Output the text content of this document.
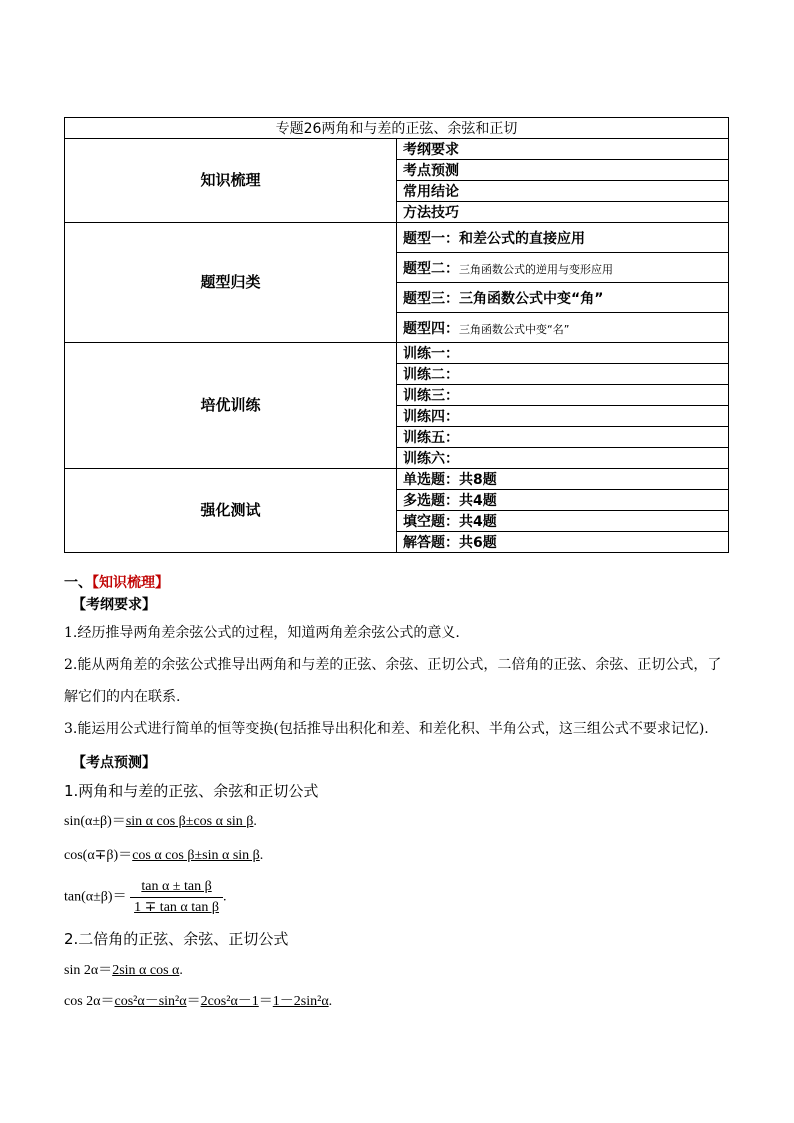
专题26两角和与差的正弦、余弦和正切	
知识梳理	考纲要求
	考点预测
	常用结论
	方法技巧
题型归类	题型一：和差公式的直接应用
	题型二：三角函数公式的逆用与变形应用
	题型三：三角函数公式中变“角”
	题型四：三角函数公式中变“名”
培优训练	训练一：
	训练二：
	训练三：
	训练四：
	训练五：
	训练六：
强化测试	单选题：共8题
	多选题：共4题
	填空题：共4题
	解答题：共6题
一、【知识梳理】
【考纲要求】
1.经历推导两角差余弦公式的过程，知道两角差余弦公式的意义.
2.能从两角差的余弦公式推导出两角和与差的正弦、余弦、正切公式，二倍角的正弦、余弦、正切公式，了解它们的内在联系.
3.能运用公式进行简单的恒等变换(包括推导出积化和差、和差化积、半角公式，这三组公式不要求记忆).
【考点预测】
1.两角和与差的正弦、余弦和正切公式
sin(α±β)＝sin α cos β±cos α sin β.
cos(α∓β)＝cos α cos β±sin α sin β.
$\tan(\alpha\pm\beta)= \frac{\text{tan α ± tan β}}{\text{1 ∓ tan α tan β}}$ .
2.二倍角的正弦、余弦、正切公式
sin 2α＝2sin α cos α.
cos 2α＝cos²α－sin²α＝2cos²α－1＝1－2sin²α.
